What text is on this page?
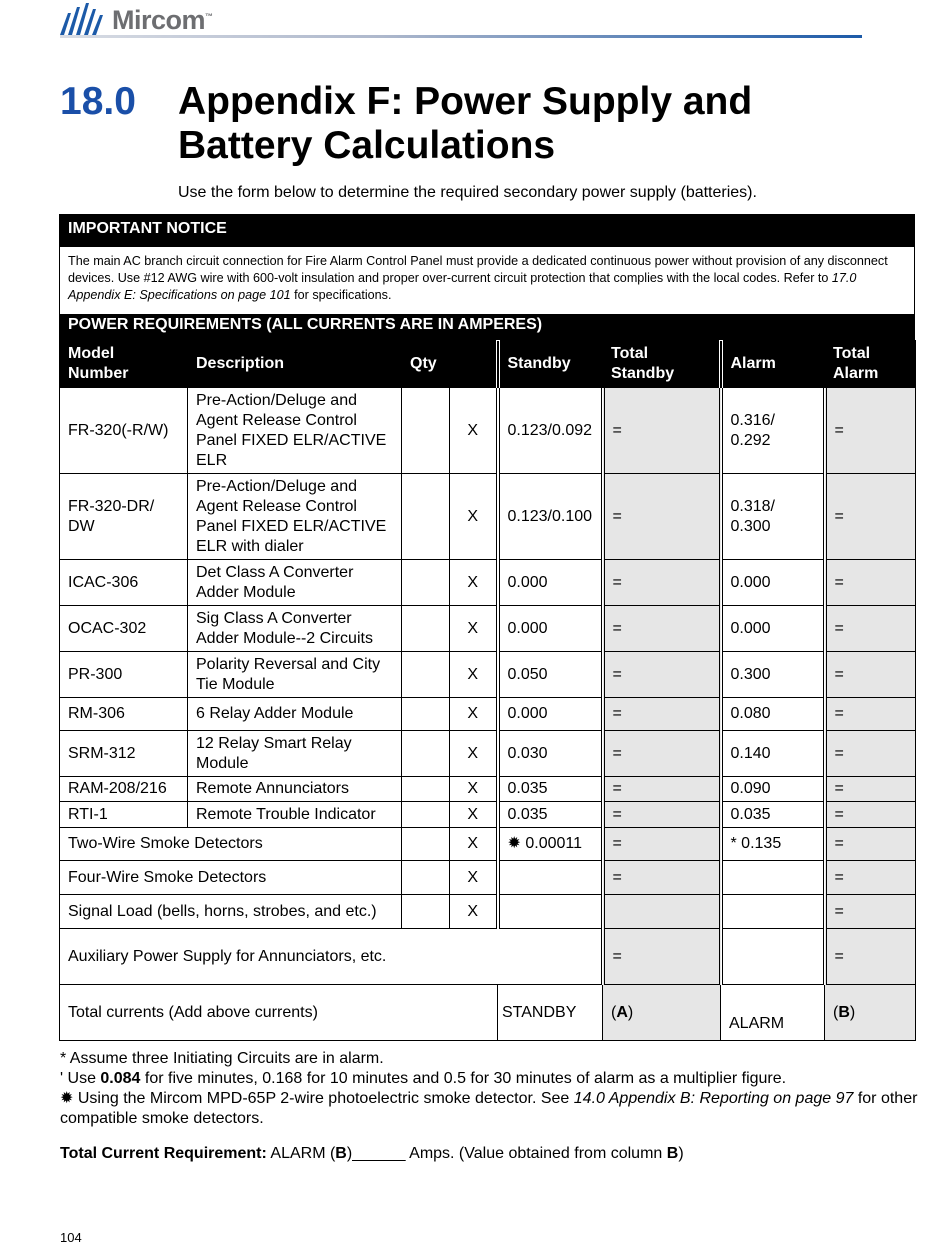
Mircom™
18.0 Appendix F: Power Supply and Battery Calculations
Use the form below to determine the required secondary power supply (batteries).
IMPORTANT NOTICE
The main AC branch circuit connection for Fire Alarm Control Panel must provide a dedicated continuous power without provision of any disconnect devices. Use #12 AWG wire with 600-volt insulation and proper over-current circuit protection that complies with the local codes. Refer to 17.0 Appendix E: Specifications on page 101 for specifications.
POWER REQUIREMENTS (ALL CURRENTS ARE IN AMPERES)
Model Number	Description	Qty		Standby	Total Standby	Alarm	Total Alarm
FR-320(-R/W)	Pre-Action/Deluge and Agent Release Control Panel FIXED ELR/ACTIVE ELR		X	0.123/0.092	=	0.316/ 0.292	=
FR-320-DR/ DW	Pre-Action/Deluge and Agent Release Control Panel FIXED ELR/ACTIVE ELR with dialer		X	0.123/0.100	=	0.318/ 0.300	=
ICAC-306	Det Class A Converter Adder Module		X	0.000	=	0.000	=
OCAC-302	Sig Class A Converter Adder Module--2 Circuits		X	0.000	=	0.000	=
PR-300	Polarity Reversal and City Tie Module		X	0.050	=	0.300	=
RM-306	6 Relay Adder Module		X	0.000	=	0.080	=
SRM-312	12 Relay Smart Relay Module		X	0.030	=	0.140	=
RAM-208/216	Remote Annunciators		X	0.035	=	0.090	=
RTI-1	Remote Trouble Indicator		X	0.035	=	0.035	=
Two-Wire Smoke Detectors			X	✹ 0.00011	=	* 0.135	=
Four-Wire Smoke Detectors			X		=		=
Signal Load (bells, horns, strobes, and etc.)			X				=
Auxiliary Power Supply for Annunciators, etc.					=		=
Total currents (Add above currents)				STANDBY	(A)	ALARM	(B)
* Assume three Initiating Circuits are in alarm.
' Use 0.084 for five minutes, 0.168 for 10 minutes and 0.5 for 30 minutes of alarm as a multiplier figure.
✹ Using the Mircom MPD-65P 2-wire photoelectric smoke detector. See 14.0 Appendix B: Reporting on page 97 for other compatible smoke detectors.
Total Current Requirement: ALARM (B)______ Amps. (Value obtained from column B)
104
